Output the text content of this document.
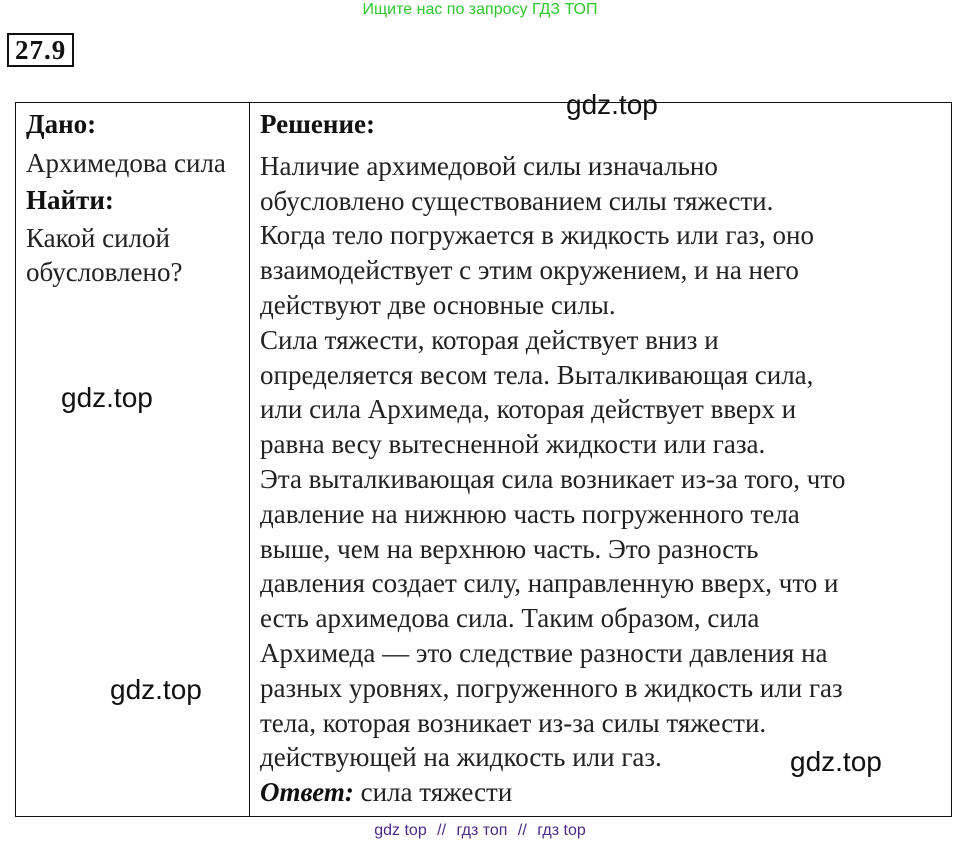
Ищите нас по запросу ГДЗ ТОП
27.9
Дано:
Архимедова сила
Найти:
Какой силой обусловлено?
Решение:
Наличие архимедовой силы изначально
обусловлено существованием силы тяжести.
Когда тело погружается в жидкость или газ, оно
взаимодействует с этим окружением, и на него
действуют две основные силы.
Сила тяжести, которая действует вниз и
определяется весом тела. Выталкивающая сила,
или сила Архимеда, которая действует вверх и
равна весу вытесненной жидкости или газа.
Эта выталкивающая сила возникает из-за того, что
давление на нижнюю часть погруженного тела
выше, чем на верхнюю часть. Это разность
давления создает силу, направленную вверх, что и
есть архимедова сила. Таким образом, сила
Архимеда — это следствие разности давления на
разных уровнях, погруженного в жидкость или газ
тела, которая возникает из-за силы тяжести.
действующей на жидкость или газ.
Ответ: сила тяжести
gdz.top
gdz.top
gdz.top
gdz.top
gdz top // гдз топ // гдз top
